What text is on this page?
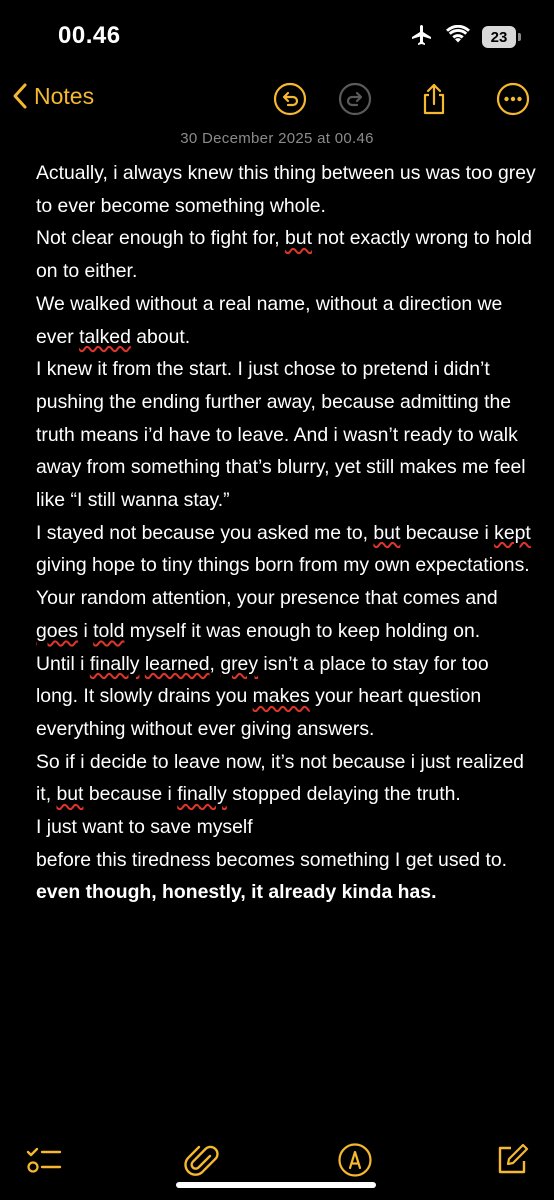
00.46	23
Notes
30 December 2025 at 00.46

Actually, i always knew this thing between us was too grey to ever become something whole.

Not clear enough to fight for, but not exactly wrong to hold on to either.

We walked without a real name, without a direction we ever talked about.

I knew it from the start. I just chose to pretend i didn’t pushing the ending further away, because admitting the truth means i’d have to leave. And i wasn’t ready to walk away from something that’s blurry, yet still makes me feel like “I still wanna stay.”

I stayed not because you asked me to, but because i kept giving hope to tiny things born from my own expectations.

Your random attention, your presence that comes and goes i told myself it was enough to keep holding on.

Until i finally learned, grey isn’t a place to stay for too long. It slowly drains you makes your heart question everything without ever giving answers.

So if i decide to leave now, it’s not because i just realized it, but because i finally stopped delaying the truth.

I just want to save myself

before this tiredness becomes something I get used to. even though, honestly, it already kinda has.
